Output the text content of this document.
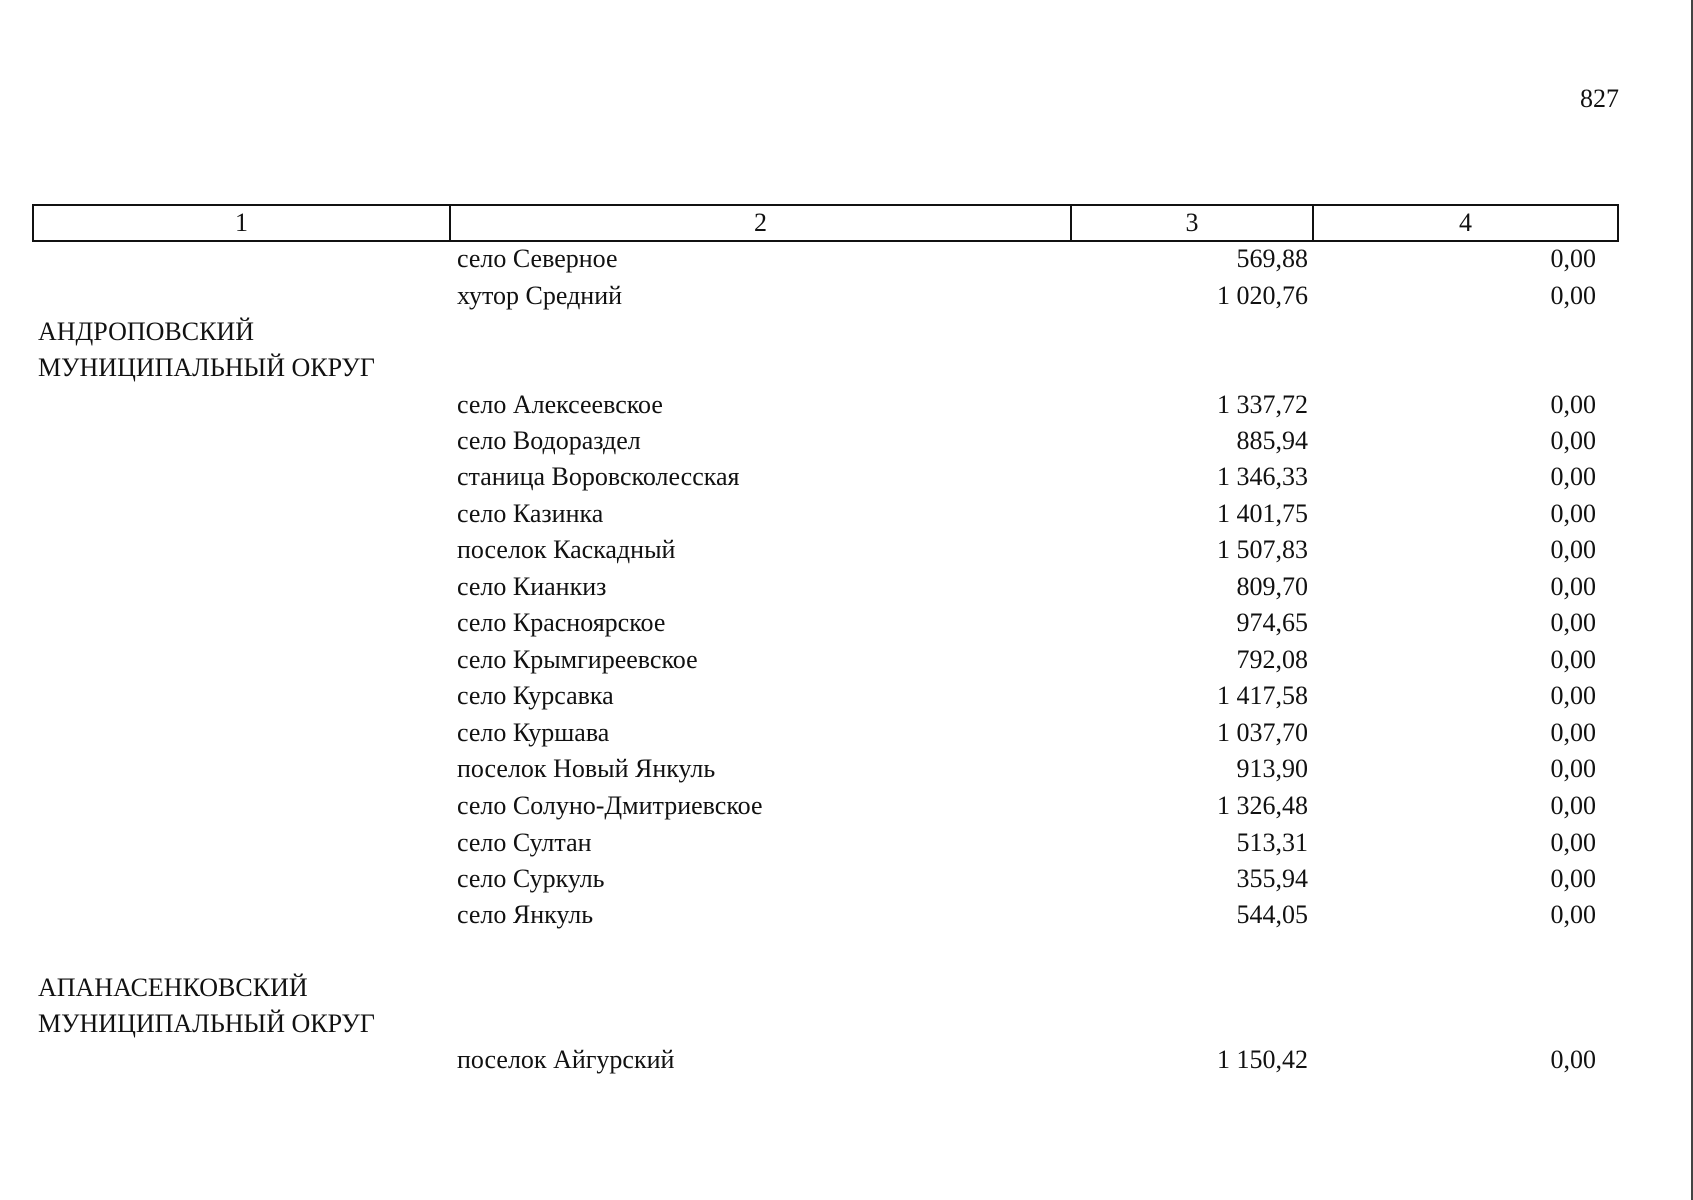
827
1	2	3	4
село Северное	569,88	0,00
хутор Средний	1 020,76	0,00
АНДРОПОВСКИЙ
МУНИЦИПАЛЬНЫЙ ОКРУГ
село Алексеевское	1 337,72	0,00
село Водораздел	885,94	0,00
станица Воровсколесская	1 346,33	0,00
село Казинка	1 401,75	0,00
поселок Каскадный	1 507,83	0,00
село Кианкиз	809,70	0,00
село Красноярское	974,65	0,00
село Крымгиреевское	792,08	0,00
село Курсавка	1 417,58	0,00
село Куршава	1 037,70	0,00
поселок Новый Янкуль	913,90	0,00
село Солуно-Дмитриевское	1 326,48	0,00
село Султан	513,31	0,00
село Суркуль	355,94	0,00
село Янкуль	544,05	0,00
АПАНАСЕНКОВСКИЙ
МУНИЦИПАЛЬНЫЙ ОКРУГ
поселок Айгурский	1 150,42	0,00
